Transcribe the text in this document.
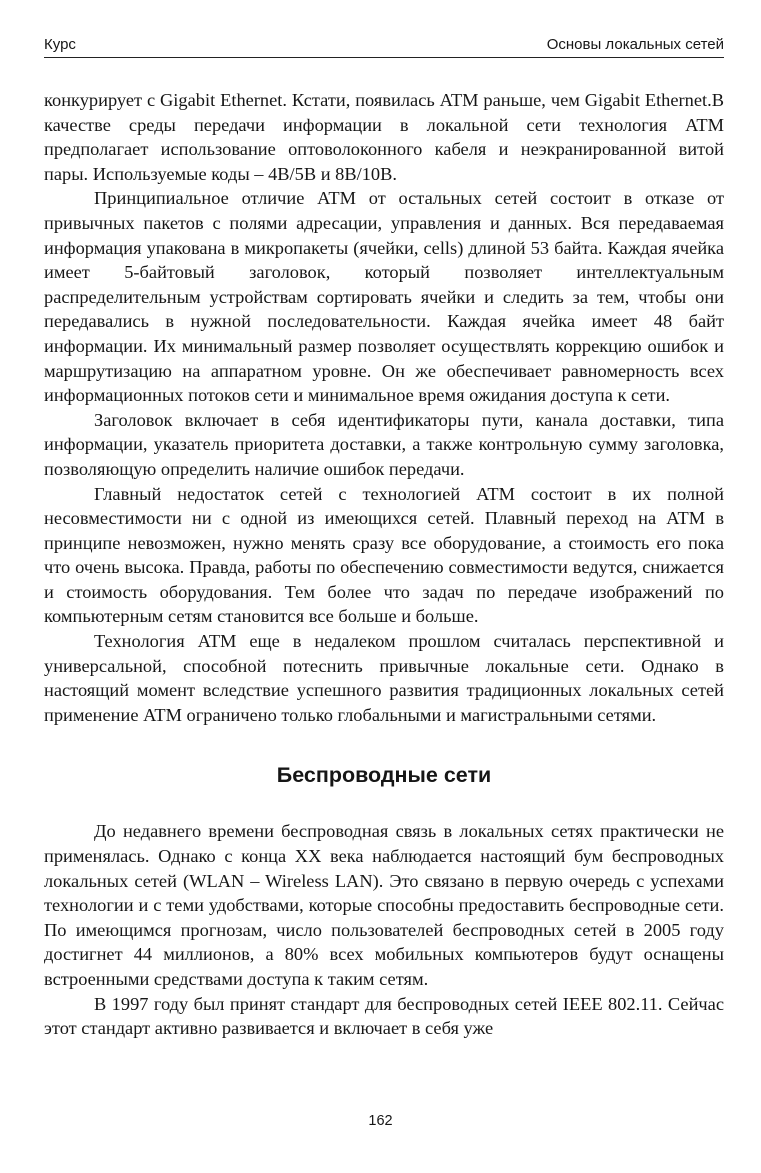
Курс	Основы локальных сетей

конкурирует с Gigabit Ethernet. Кстати, появилась ATM раньше, чем Gigabit Ethernet.В качестве среды передачи информации в локальной сети технология ATM предполагает использование оптоволоконного кабеля и неэкранированной витой пары. Используемые коды – 4B/5B и 8B/10B.

Принципиальное отличие ATM от остальных сетей состоит в отказе от привычных пакетов с полями адресации, управления и данных. Вся передаваемая информация упакована в микропакеты (ячейки, cells) длиной 53 байта. Каждая ячейка имеет 5-байтовый заголовок, который позволяет интеллектуальным распределительным устройствам сортировать ячейки и следить за тем, чтобы они передавались в нужной последовательности. Каждая ячейка имеет 48 байт информации. Их минимальный размер позволяет осуществлять коррекцию ошибок и маршрутизацию на аппаратном уровне. Он же обеспечивает равномерность всех информационных потоков сети и минимальное время ожидания доступа к сети.

Заголовок включает в себя идентификаторы пути, канала доставки, типа информации, указатель приоритета доставки, а также контрольную сумму заголовка, позволяющую определить наличие ошибок передачи.

Главный недостаток сетей с технологией ATM состоит в их полной несовместимости ни с одной из имеющихся сетей. Плавный переход на ATM в принципе невозможен, нужно менять сразу все оборудование, а стоимость его пока что очень высока. Правда, работы по обеспечению совместимости ведутся, снижается и стоимость оборудования. Тем более что задач по передаче изображений по компьютерным сетям становится все больше и больше.

Технология ATM еще в недалеком прошлом считалась перспективной и универсальной, способной потеснить привычные локальные сети. Однако в настоящий момент вследствие успешного развития традиционных локальных сетей применение ATM ограничено только глобальными и магистральными сетями.

Беспроводные сети

До недавнего времени беспроводная связь в локальных сетях практически не применялась. Однако с конца XX века наблюдается настоящий бум беспроводных локальных сетей (WLAN – Wireless LAN). Это связано в первую очередь с успехами технологии и с теми удобствами, которые способны предоставить беспроводные сети. По имеющимся прогнозам, число пользователей беспроводных сетей в 2005 году достигнет 44 миллионов, а 80% всех мобильных компьютеров будут оснащены встроенными средствами доступа к таким сетям.

В 1997 году был принят стандарт для беспроводных сетей IEEE 802.11. Сейчас этот стандарт активно развивается и включает в себя уже

162
